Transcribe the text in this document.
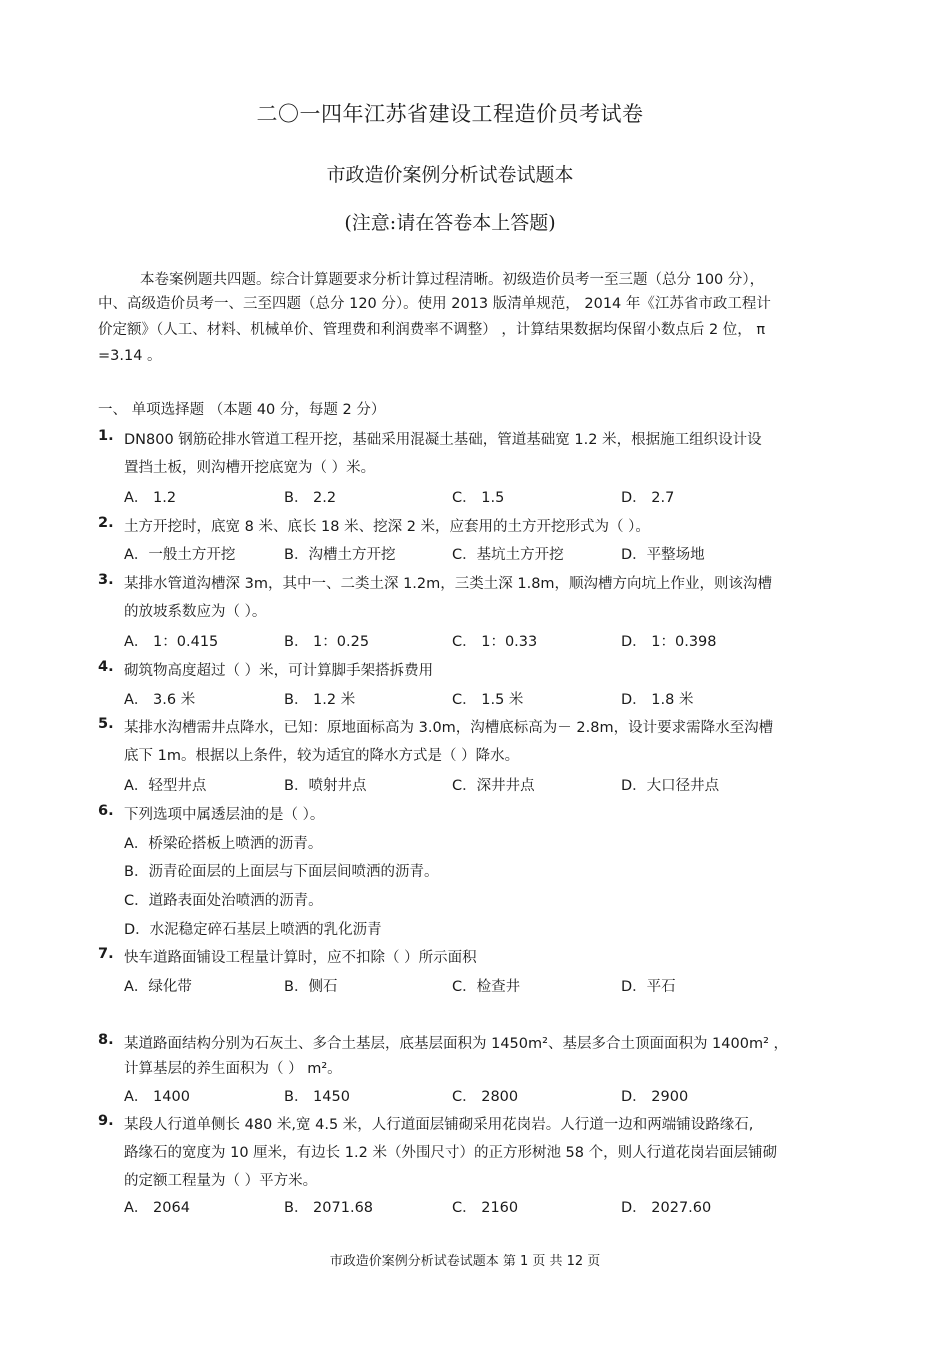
二〇一四年江苏省建设工程造价员考试卷
市政造价案例分析试卷试题本
(注意:请在答卷本上答题)
本卷案例题共四题。综合计算题要求分析计算过程清晰。初级造价员考一至三题（总分 100 分），
中、高级造价员考一、三至四题（总分 120 分）。使用 2013 版清单规范， 2014 年《江苏省市政工程计
价定额》（人工、材料、机械单价、管理费和利润费率不调整） ，计算结果数据均保留小数点后 2 位， π
=3.14 。
一、 单项选择题 （本题 40 分，每题 2 分）
1. DN800 钢筋砼排水管道工程开挖，基础采用混凝土基础，管道基础宽 1.2 米，根据施工组织设计设
置挡土板，则沟槽开挖底宽为（ ）米。
A． 1.2	B． 2.2	C． 1.5	D． 2.7
2. 土方开挖时，底宽 8 米、底长 18 米、挖深 2 米，应套用的土方开挖形式为（ ）。
A．一般土方开挖	B．沟槽土方开挖	C．基坑土方开挖	D．平整场地
3. 某排水管道沟槽深 3m，其中一、二类土深 1.2m，三类土深 1.8m，顺沟槽方向坑上作业，则该沟槽
的放坡系数应为（ ）。
A． 1：0.415	B． 1：0.25	C． 1：0.33	D． 1：0.398
4. 砌筑物高度超过（ ）米，可计算脚手架搭拆费用
A． 3.6 米	B． 1.2 米	C． 1.5 米	D． 1.8 米
5. 某排水沟槽需井点降水，已知：原地面标高为 3.0m，沟槽底标高为－ 2.8m，设计要求需降水至沟槽
底下 1m。根据以上条件，较为适宜的降水方式是（ ）降水。
A．轻型井点	B．喷射井点	C．深井井点	D．大口径井点
6. 下列选项中属透层油的是（ ）。
A．桥梁砼搭板上喷洒的沥青。
B．沥青砼面层的上面层与下面层间喷洒的沥青。
C．道路表面处治喷洒的沥青。
D．水泥稳定碎石基层上喷洒的乳化沥青
7. 快车道路面铺设工程量计算时，应不扣除（ ）所示面积
A．绿化带	B．侧石	C．检查井	D．平石
8. 某道路面结构分别为石灰土、多合土基层，底基层面积为 1450m²、基层多合土顶面面积为 1400m² ，
计算基层的养生面积为（ ） m²。
A． 1400	B． 1450	C． 2800	D． 2900
9. 某段人行道单侧长 480 米,宽 4.5 米，人行道面层铺砌采用花岗岩。人行道一边和两端铺设路缘石,
路缘石的宽度为 10 厘米，有边长 1.2 米（外围尺寸）的正方形树池 58 个，则人行道花岗岩面层铺砌
的定额工程量为（ ）平方米。
A． 2064	B． 2071.68	C． 2160	D． 2027.60
市政造价案例分析试卷试题本 第 1 页 共 12 页
